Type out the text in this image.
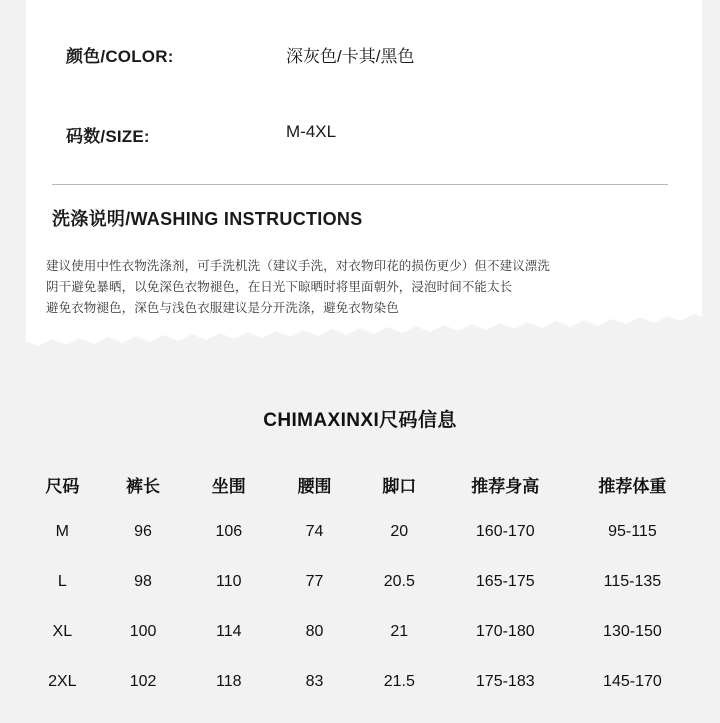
颜色/COLOR:	深灰色/卡其/黑色
码数/SIZE:	M-4XL
洗涤说明/WASHING INSTRUCTIONS
建议使用中性衣物洗涤剂，可手洗机洗（建议手洗，对衣物印花的损伤更少）但不建议漂洗
阴干避免暴晒，以免深色衣物褪色，在日光下晾晒时将里面朝外，浸泡时间不能太长
避免衣物褪色，深色与浅色衣服建议是分开洗涤，避免衣物染色
CHIMAXINXI尺码信息
尺码	裤长	坐围	腰围	脚口	推荐身高	推荐体重
M	96	106	74	20	160-170	95-115
L	98	110	77	20.5	165-175	115-135
XL	100	114	80	21	170-180	130-150
2XL	102	118	83	21.5	175-183	145-170
